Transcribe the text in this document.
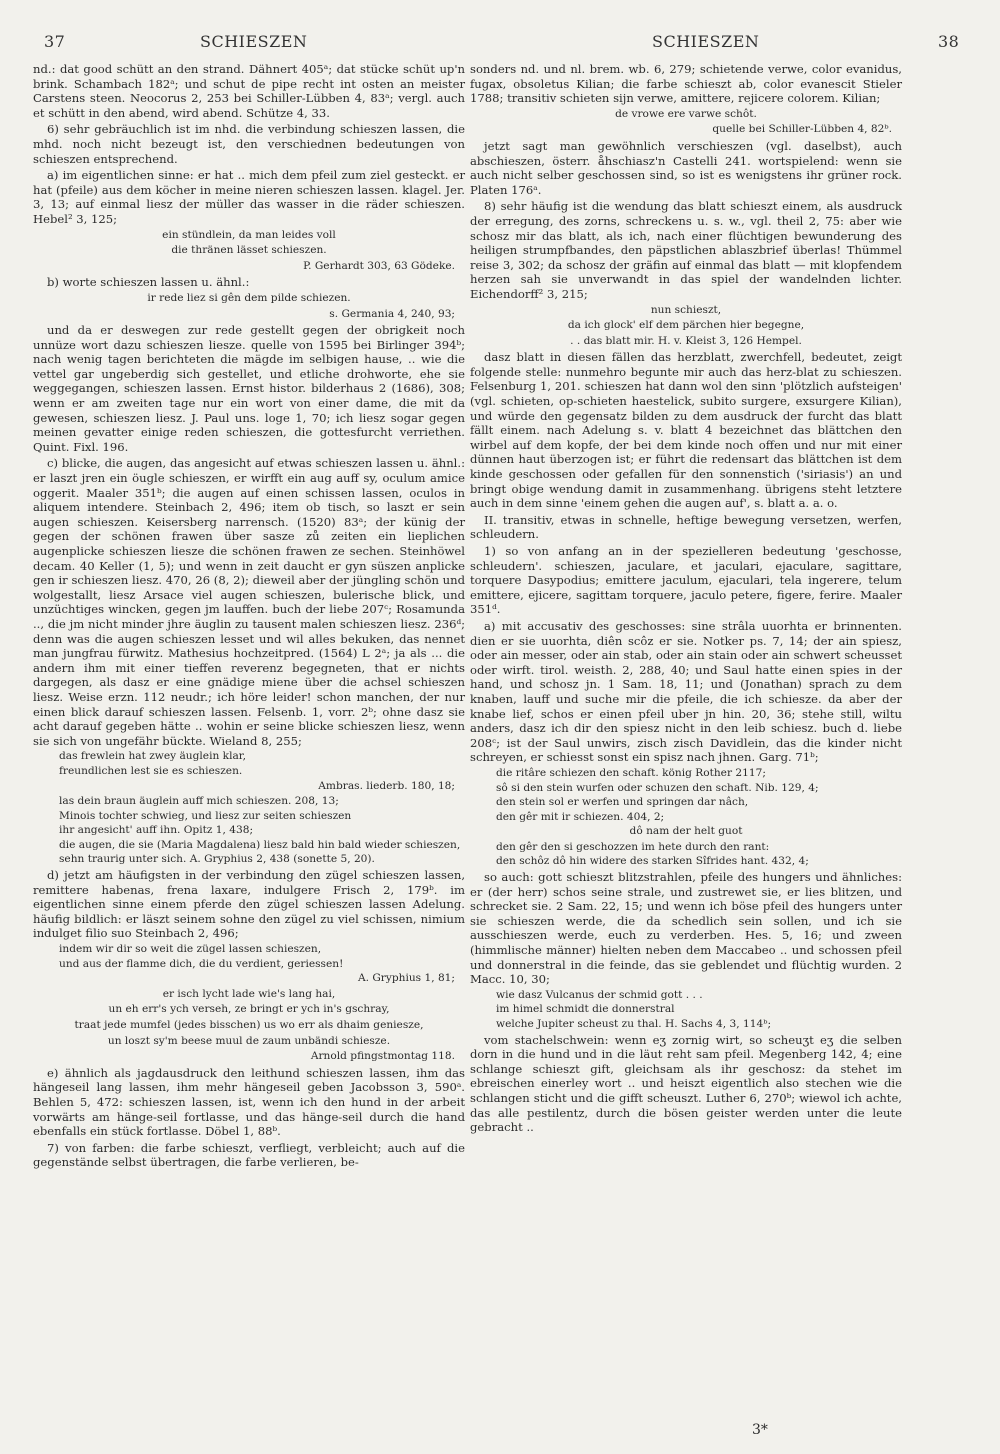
37	SCHIESZEN	SCHIESZEN	38

nd.: dat good schütt an den strand. Dähnert 405ᵃ; dat stücke schüt up'n brink. Schambach 182ᵃ; und schut de pipe recht int osten an meister Carstens steen. Neocorus 2, 253 bei Schiller-Lübben 4, 83ᵃ; vergl. auch et schütt in den abend, wird abend. Schütze 4, 33.

6) sehr gebräuchlich ist im nhd. die verbindung schieszen lassen, die mhd. noch nicht bezeugt ist, den verschiednen bedeutungen von schieszen entsprechend.

a) im eigentlichen sinne: er hat .. mich dem pfeil zum ziel gesteckt. er hat (pfeile) aus dem köcher in meine nieren schieszen lassen. klagel. Jer. 3, 13; auf einmal liesz der müller das wasser in die räder schieszen. Hebel² 3, 125;

ein stündlein, da man leides voll
die thränen lässet schieszen.
P. Gerhardt 303, 63 Gödeke.

b) worte schieszen lassen u. ähnl.:

ir rede liez si gên dem pilde schiezen.
s. Germania 4, 240, 93;

und da er deswegen zur rede gestellt gegen der obrigkeit noch unnüze wort dazu schieszen liesze. quelle von 1595 bei Birlinger 394ᵇ; nach wenig tagen berichteten die mägde im selbigen hause, .. wie die vettel gar ungeberdig sich gestellet, und etliche drohworte, ehe sie weggegangen, schieszen lassen. Ernst histor. bilderhaus 2 (1686), 308; wenn er am zweiten tage nur ein wort von einer dame, die mit da gewesen, schieszen liesz. J. Paul uns. loge 1, 70; ich liesz sogar gegen meinen gevatter einige reden schieszen, die gottesfurcht verriethen. Quint. Fixl. 196.

c) blicke, die augen, das angesicht auf etwas schieszen lassen u. ähnl.: er laszt jren ein öugle schieszen, er wirfft ein aug auff sy, oculum amice oggerit. Maaler 351ᵇ; die augen auf einen schissen lassen, oculos in aliquem intendere. Steinbach 2, 496; item ob tisch, so laszt er sein augen schieszen. Keisersberg narrensch. (1520) 83ᵃ; der künig der gegen der schönen frawen über sasze zů zeiten ein lieplichen augenplicke schieszen liesze die schönen frawen ze sechen. Steinhöwel decam. 40 Keller (1, 5); und wenn in zeit daucht er gyn süszen anplicke gen ir schieszen liesz. 470, 26 (8, 2); dieweil aber der jüngling schön und wolgestallt, liesz Arsace viel augen schieszen, bulerische blick, und unzüchtiges wincken, gegen jm lauffen. buch der liebe 207ᶜ; Rosamunda .., die jm nicht minder jhre äuglin zu tausent malen schieszen liesz. 236ᵈ; denn was die augen schieszen lesset und wil alles bekuken, das nennet man jungfrau fürwitz. Mathesius hochzeitpred. (1564) L 2ᵃ; ja als ... die andern ihm mit einer tieffen reverenz begegneten, that er nichts dargegen, als dasz er eine gnädige miene über die achsel schieszen liesz. Weise erzn. 112 neudr.; ich höre leider! schon manchen, der nur einen blick darauf schieszen lassen. Felsenb. 1, vorr. 2ᵇ; ohne dasz sie acht darauf gegeben hätte .. wohin er seine blicke schieszen liesz, wenn sie sich von ungefähr bückte. Wieland 8, 255;

das frewlein hat zwey äuglein klar,
freundlichen lest sie es schieszen.
Ambras. liederb. 180, 18;
las dein braun äuglein auff mich schieszen. 208, 13;
Minois tochter schwieg, und liesz zur seiten schieszen
ihr angesicht' auff ihn. Opitz 1, 438;
die augen, die sie (Maria Magdalena) liesz bald hin bald wieder schieszen,
sehn traurig unter sich. A. Gryphius 2, 438 (sonette 5, 20).

d) jetzt am häufigsten in der verbindung den zügel schieszen lassen, remittere habenas, frena laxare, indulgere Frisch 2, 179ᵇ. im eigentlichen sinne einem pferde den zügel schieszen lassen Adelung. häufig bildlich: er läszt seinem sohne den zügel zu viel schissen, nimium indulget filio suo Steinbach 2, 496;

indem wir dir so weit die zügel lassen schieszen,
und aus der flamme dich, die du verdient, geriessen!
A. Gryphius 1, 81;
er isch lycht lade wie's lang hai,
un eh err's ych verseh, ze bringt er ych in's gschray,
traat jede mumfel (jedes bisschen) us wo err als dhaim geniesze,
un loszt sy'm beese muul de zaum unbändi schiesze.
Arnold pfingstmontag 118.

e) ähnlich als jagdausdruck den leithund schieszen lassen, ihm das hängeseil lang lassen, ihm mehr hängeseil geben Jacobsson 3, 590ᵃ. Behlen 5, 472: schieszen lassen, ist, wenn ich den hund in der arbeit vorwärts am hänge-seil fortlasse, und das hänge-seil durch die hand ebenfalls ein stück fortlasse. Döbel 1, 88ᵇ.

7) von farben: die farbe schieszt, verfliegt, verbleicht; auch auf die gegenstände selbst übertragen, die farbe verlieren, be-

sonders nd. und nl. brem. wb. 6, 279; schietende verwe, color evanidus, fugax, obsoletus Kilian; die farbe schieszt ab, color evanescit Stieler 1788; transitiv schieten sijn verwe, amittere, rejicere colorem. Kilian;

de vrowe ere varwe schôt.
quelle bei Schiller-Lübben 4, 82ᵇ.

jetzt sagt man gewöhnlich verschieszen (vgl. daselbst), auch abschieszen, österr. åhschiasz'n Castelli 241. wortspielend: wenn sie auch nicht selber geschossen sind, so ist es wenigstens ihr grüner rock. Platen 176ᵃ.

8) sehr häufig ist die wendung das blatt schieszt einem, als ausdruck der erregung, des zorns, schreckens u. s. w., vgl. theil 2, 75: aber wie schosz mir das blatt, als ich, nach einer flüchtigen bewunderung des heiligen strumpfbandes, den päpstlichen ablaszbrief überlas! Thümmel reise 3, 302; da schosz der gräfin auf einmal das blatt — mit klopfendem herzen sah sie unverwandt in das spiel der wandelnden lichter. Eichendorff² 3, 215;

nun schieszt,
da ich glock' elf dem pärchen hier begegne,
. . das blatt mir. H. v. Kleist 3, 126 Hempel.

dasz blatt in diesen fällen das herzblatt, zwerchfell, bedeutet, zeigt folgende stelle: nunmehro begunte mir auch das herz-blat zu schieszen. Felsenburg 1, 201. schieszen hat dann wol den sinn 'plötzlich aufsteigen' (vgl. schieten, op-schieten haestelick, subito surgere, exsurgere Kilian), und würde den gegensatz bilden zu dem ausdruck der furcht das blatt fällt einem. nach Adelung s. v. blatt 4 bezeichnet das blättchen den wirbel auf dem kopfe, der bei dem kinde noch offen und nur mit einer dünnen haut überzogen ist; er führt die redensart das blättchen ist dem kinde geschossen oder gefallen für den sonnenstich ('siriasis') an und bringt obige wendung damit in zusammenhang. übrigens steht letztere auch in dem sinne 'einem gehen die augen auf', s. blatt a. a. o.

II. transitiv, etwas in schnelle, heftige bewegung versetzen, werfen, schleudern.

1) so von anfang an in der spezielleren bedeutung 'geschosse, schleudern'. schieszen, jaculare, et jaculari, ejaculare, sagittare, torquere Dasypodius; emittere jaculum, ejaculari, tela ingerere, telum emittere, ejicere, sagittam torquere, jaculo petere, figere, ferire. Maaler 351ᵈ.

a) mit accusativ des geschosses: sine strâla uuorhta er brinnenten. dien er sie uuorhta, diên scôz er sie. Notker ps. 7, 14; der ain spiesz, oder ain messer, oder ain stab, oder ain stain oder ain schwert scheusset oder wirft. tirol. weisth. 2, 288, 40; und Saul hatte einen spies in der hand, und schosz jn. 1 Sam. 18, 11; und (Jonathan) sprach zu dem knaben, lauff und suche mir die pfeile, die ich schiesze. da aber der knabe lief, schos er einen pfeil uber jn hin. 20, 36; stehe still, wiltu anders, dasz ich dir den spiesz nicht in den leib schiesz. buch d. liebe 208ᶜ; ist der Saul unwirs, zisch zisch Davidlein, das die kinder nicht schreyen, er schiesst sonst ein spisz nach jhnen. Garg. 71ᵇ;

die ritâre schiezen den schaft. könig Rother 2117;
sô si den stein wurfen oder schuzen den schaft. Nib. 129, 4;
den stein sol er werfen und springen dar nâch,
den gêr mit ir schiezen. 404, 2;
dô nam der helt guot
den gêr den si geschozzen im hete durch den rant:
den schôz dô hin widere des starken Sîfrides hant. 432, 4;

so auch: gott schieszt blitzstrahlen, pfeile des hungers und ähnliches: er (der herr) schos seine strale, und zustrewet sie, er lies blitzen, und schrecket sie. 2 Sam. 22, 15; und wenn ich böse pfeil des hungers unter sie schieszen werde, die da schedlich sein sollen, und ich sie ausschieszen werde, euch zu verderben. Hes. 5, 16; und zween (himmlische männer) hielten neben dem Maccabeo .. und schossen pfeil und donnerstral in die feinde, das sie geblendet und flüchtig wurden. 2 Macc. 10, 30;

wie dasz Vulcanus der schmid gott . . .
im himel schmidt die donnerstral
welche Jupiter scheust zu thal. H. Sachs 4, 3, 114ᵇ;

vom stachelschwein: wenn eʒ zornig wirt, so scheuʒt eʒ die selben dorn in die hund und in die läut reht sam pfeil. Megenberg 142, 4; eine schlange schieszt gift, gleichsam als ihr geschosz: da stehet im ebreischen einerley wort .. und heiszt eigentlich also stechen wie die schlangen sticht und die gifft scheuszt. Luther 6, 270ᵇ; wiewol ich achte, das alle pestilentz, durch die bösen geister werden unter die leute gebracht ..

3*
